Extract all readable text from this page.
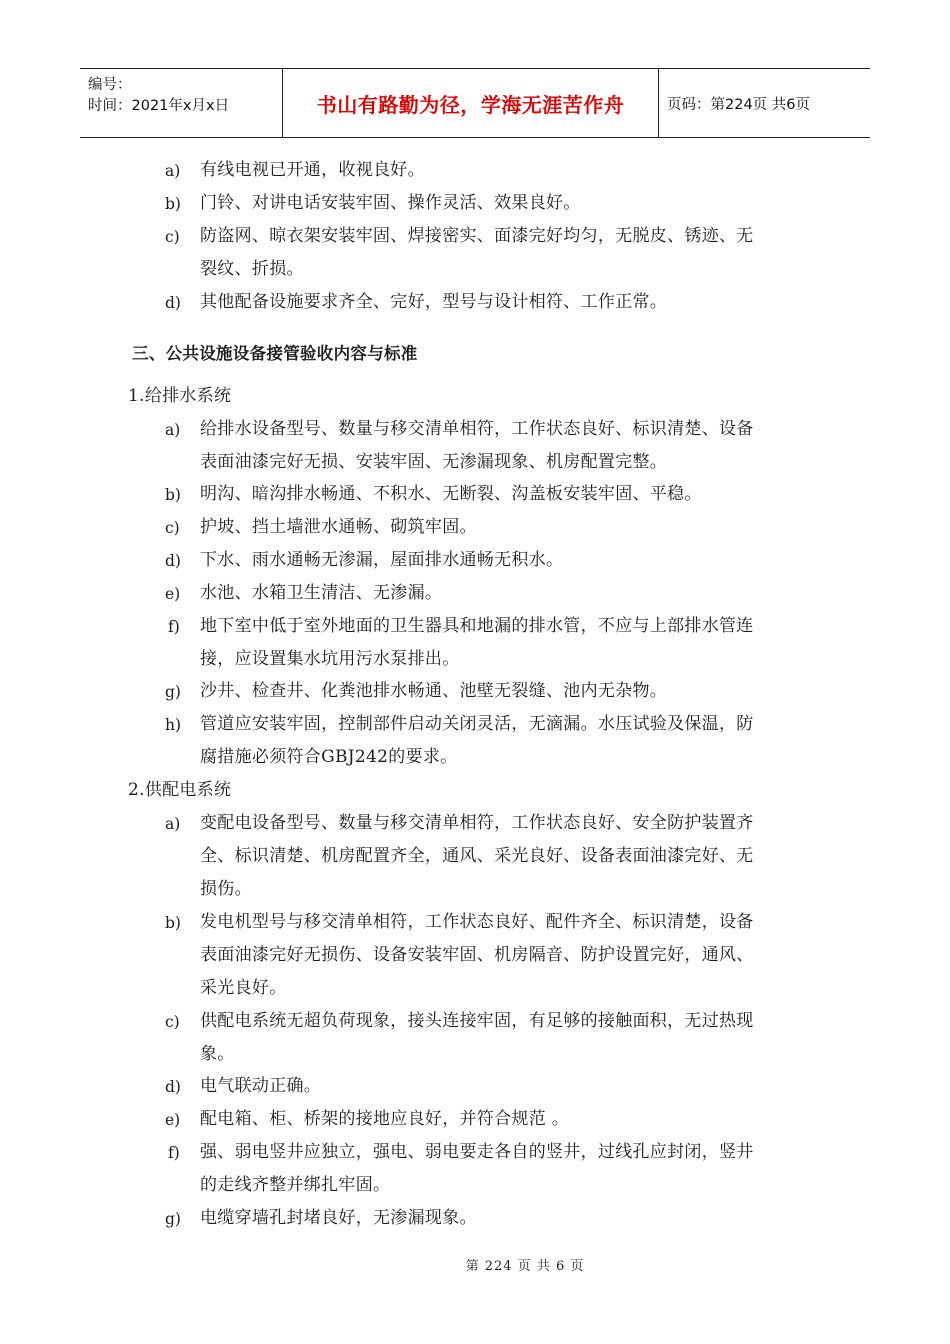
编号：
时间：2021年x月x日	书山有路勤为径，学海无涯苦作舟	页码：第224页 共6页
a) 有线电视已开通，收视良好。
b) 门铃、对讲电话安装牢固、操作灵活、效果良好。
c) 防盗网、晾衣架安装牢固、焊接密实、面漆完好均匀，无脱皮、锈迹、无
裂纹、折损。
d) 其他配备设施要求齐全、完好，型号与设计相符、工作正常。
三、公共设施设备接管验收内容与标准
1.给排水系统
a) 给排水设备型号、数量与移交清单相符，工作状态良好、标识清楚、设备
表面油漆完好无损、安装牢固、无渗漏现象、机房配置完整。
b) 明沟、暗沟排水畅通、不积水、无断裂、沟盖板安装牢固、平稳。
c) 护坡、挡土墙泄水通畅、砌筑牢固。
d) 下水、雨水通畅无渗漏，屋面排水通畅无积水。
e) 水池、水箱卫生清洁、无渗漏。
f) 地下室中低于室外地面的卫生器具和地漏的排水管，不应与上部排水管连
接，应设置集水坑用污水泵排出。
g) 沙井、检查井、化粪池排水畅通、池壁无裂缝、池内无杂物。
h) 管道应安装牢固，控制部件启动关闭灵活，无滴漏。水压试验及保温，防
腐措施必须符合GBJ242的要求。
2.供配电系统
a) 变配电设备型号、数量与移交清单相符，工作状态良好、安全防护装置齐
全、标识清楚、机房配置齐全，通风、采光良好、设备表面油漆完好、无
损伤。
b) 发电机型号与移交清单相符，工作状态良好、配件齐全、标识清楚，设备
表面油漆完好无损伤、设备安装牢固、机房隔音、防护设置完好，通风、
采光良好。
c) 供配电系统无超负荷现象，接头连接牢固，有足够的接触面积，无过热现
象。
d) 电气联动正确。
e) 配电箱、柜、桥架的接地应良好，并符合规范 。
f) 强、弱电竖井应独立，强电、弱电要走各自的竖井，过线孔应封闭，竖井
的走线齐整并绑扎牢固。
g) 电缆穿墙孔封堵良好，无渗漏现象。
第 224 页 共 6 页
